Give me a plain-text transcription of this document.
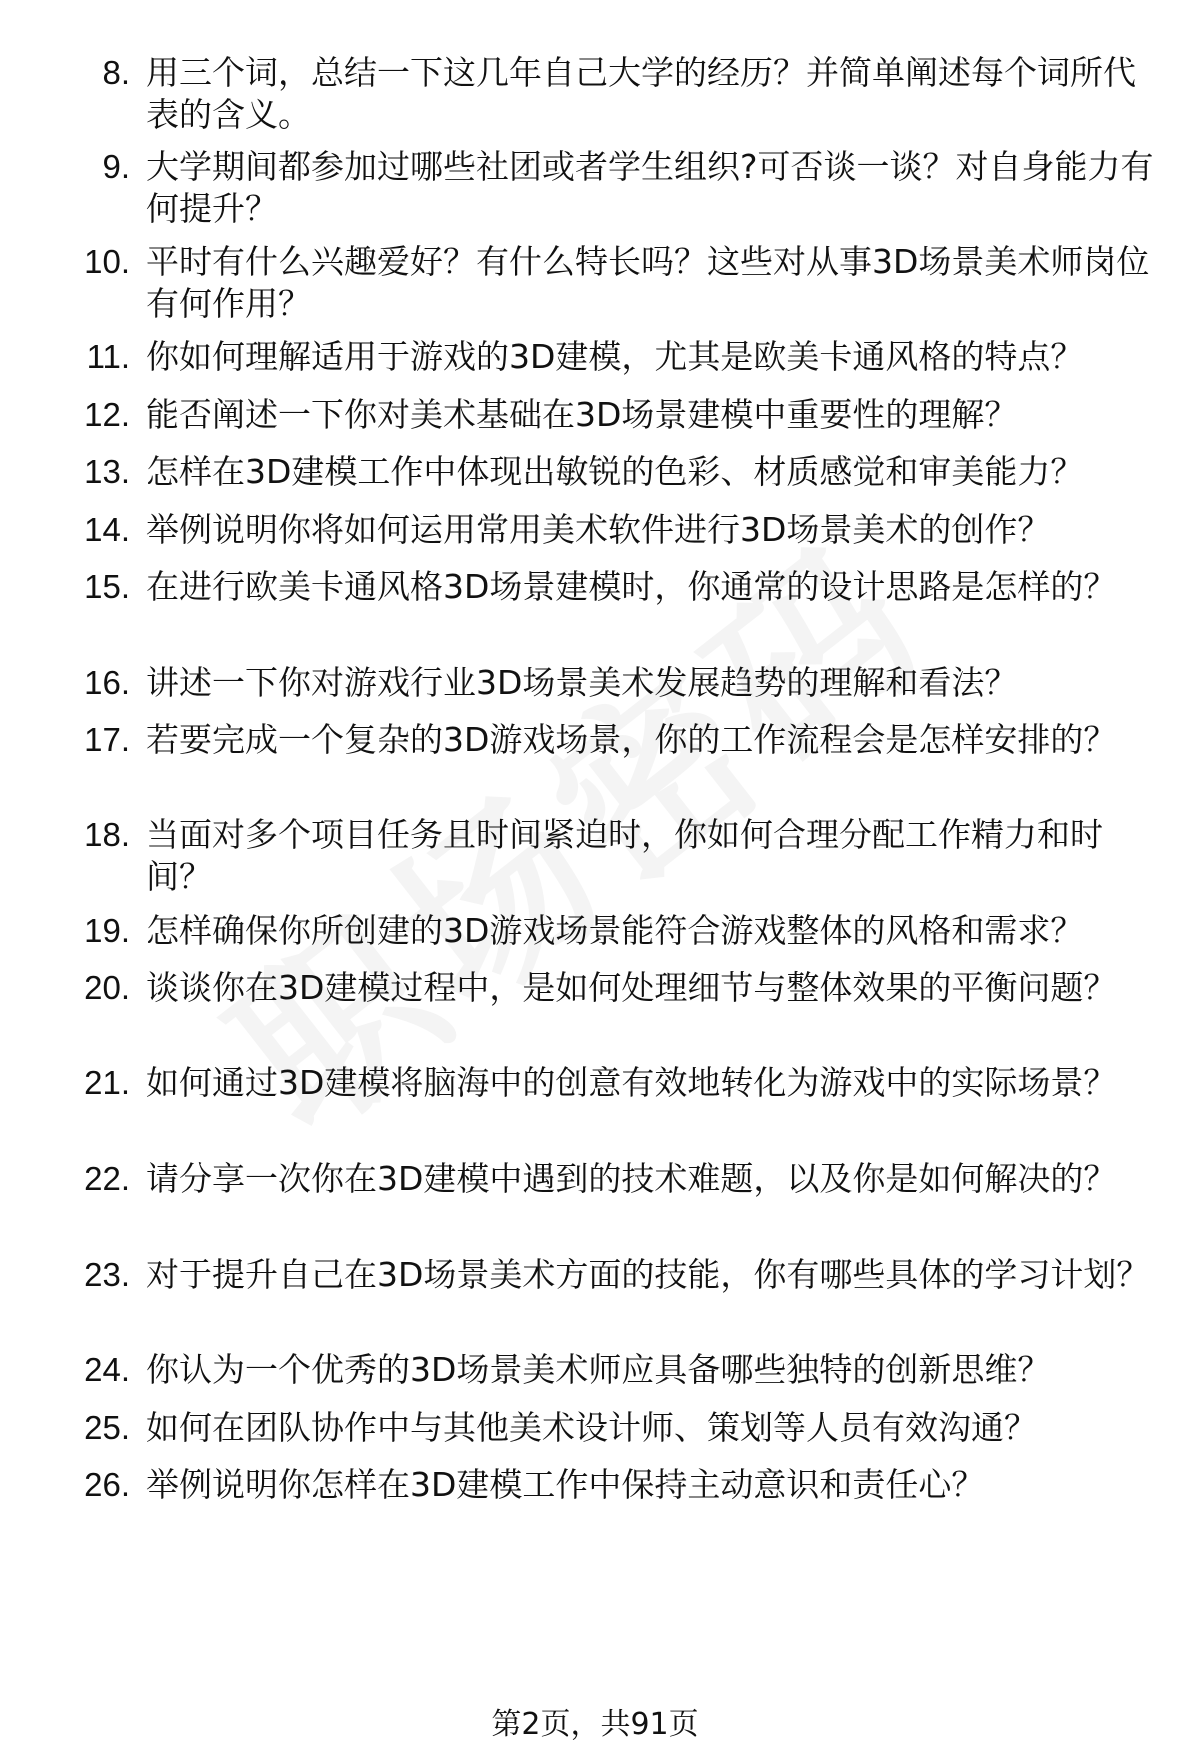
8. 用三个词，总结一下这几年自己大学的经历？并简单阐述每个词所代表的含义。
9. 大学期间都参加过哪些社团或者学生组织?可否谈一谈？对自身能力有何提升？
10. 平时有什么兴趣爱好？有什么特长吗？这些对从事3D场景美术师岗位有何作用？
11. 你如何理解适用于游戏的3D建模，尤其是欧美卡通风格的特点？
12. 能否阐述一下你对美术基础在3D场景建模中重要性的理解？
13. 怎样在3D建模工作中体现出敏锐的色彩、材质感觉和审美能力？
14. 举例说明你将如何运用常用美术软件进行3D场景美术的创作？
15. 在进行欧美卡通风格3D场景建模时，你通常的设计思路是怎样的？
16. 讲述一下你对游戏行业3D场景美术发展趋势的理解和看法？
17. 若要完成一个复杂的3D游戏场景，你的工作流程会是怎样安排的？
18. 当面对多个项目任务且时间紧迫时，你如何合理分配工作精力和时间？
19. 怎样确保你所创建的3D游戏场景能符合游戏整体的风格和需求？
20. 谈谈你在3D建模过程中，是如何处理细节与整体效果的平衡问题？
21. 如何通过3D建模将脑海中的创意有效地转化为游戏中的实际场景？
22. 请分享一次你在3D建模中遇到的技术难题，以及你是如何解决的？
23. 对于提升自己在3D场景美术方面的技能，你有哪些具体的学习计划？
24. 你认为一个优秀的3D场景美术师应具备哪些独特的创新思维？
25. 如何在团队协作中与其他美术设计师、策划等人员有效沟通？
26. 举例说明你怎样在3D建模工作中保持主动意识和责任心？
第2页，共91页
